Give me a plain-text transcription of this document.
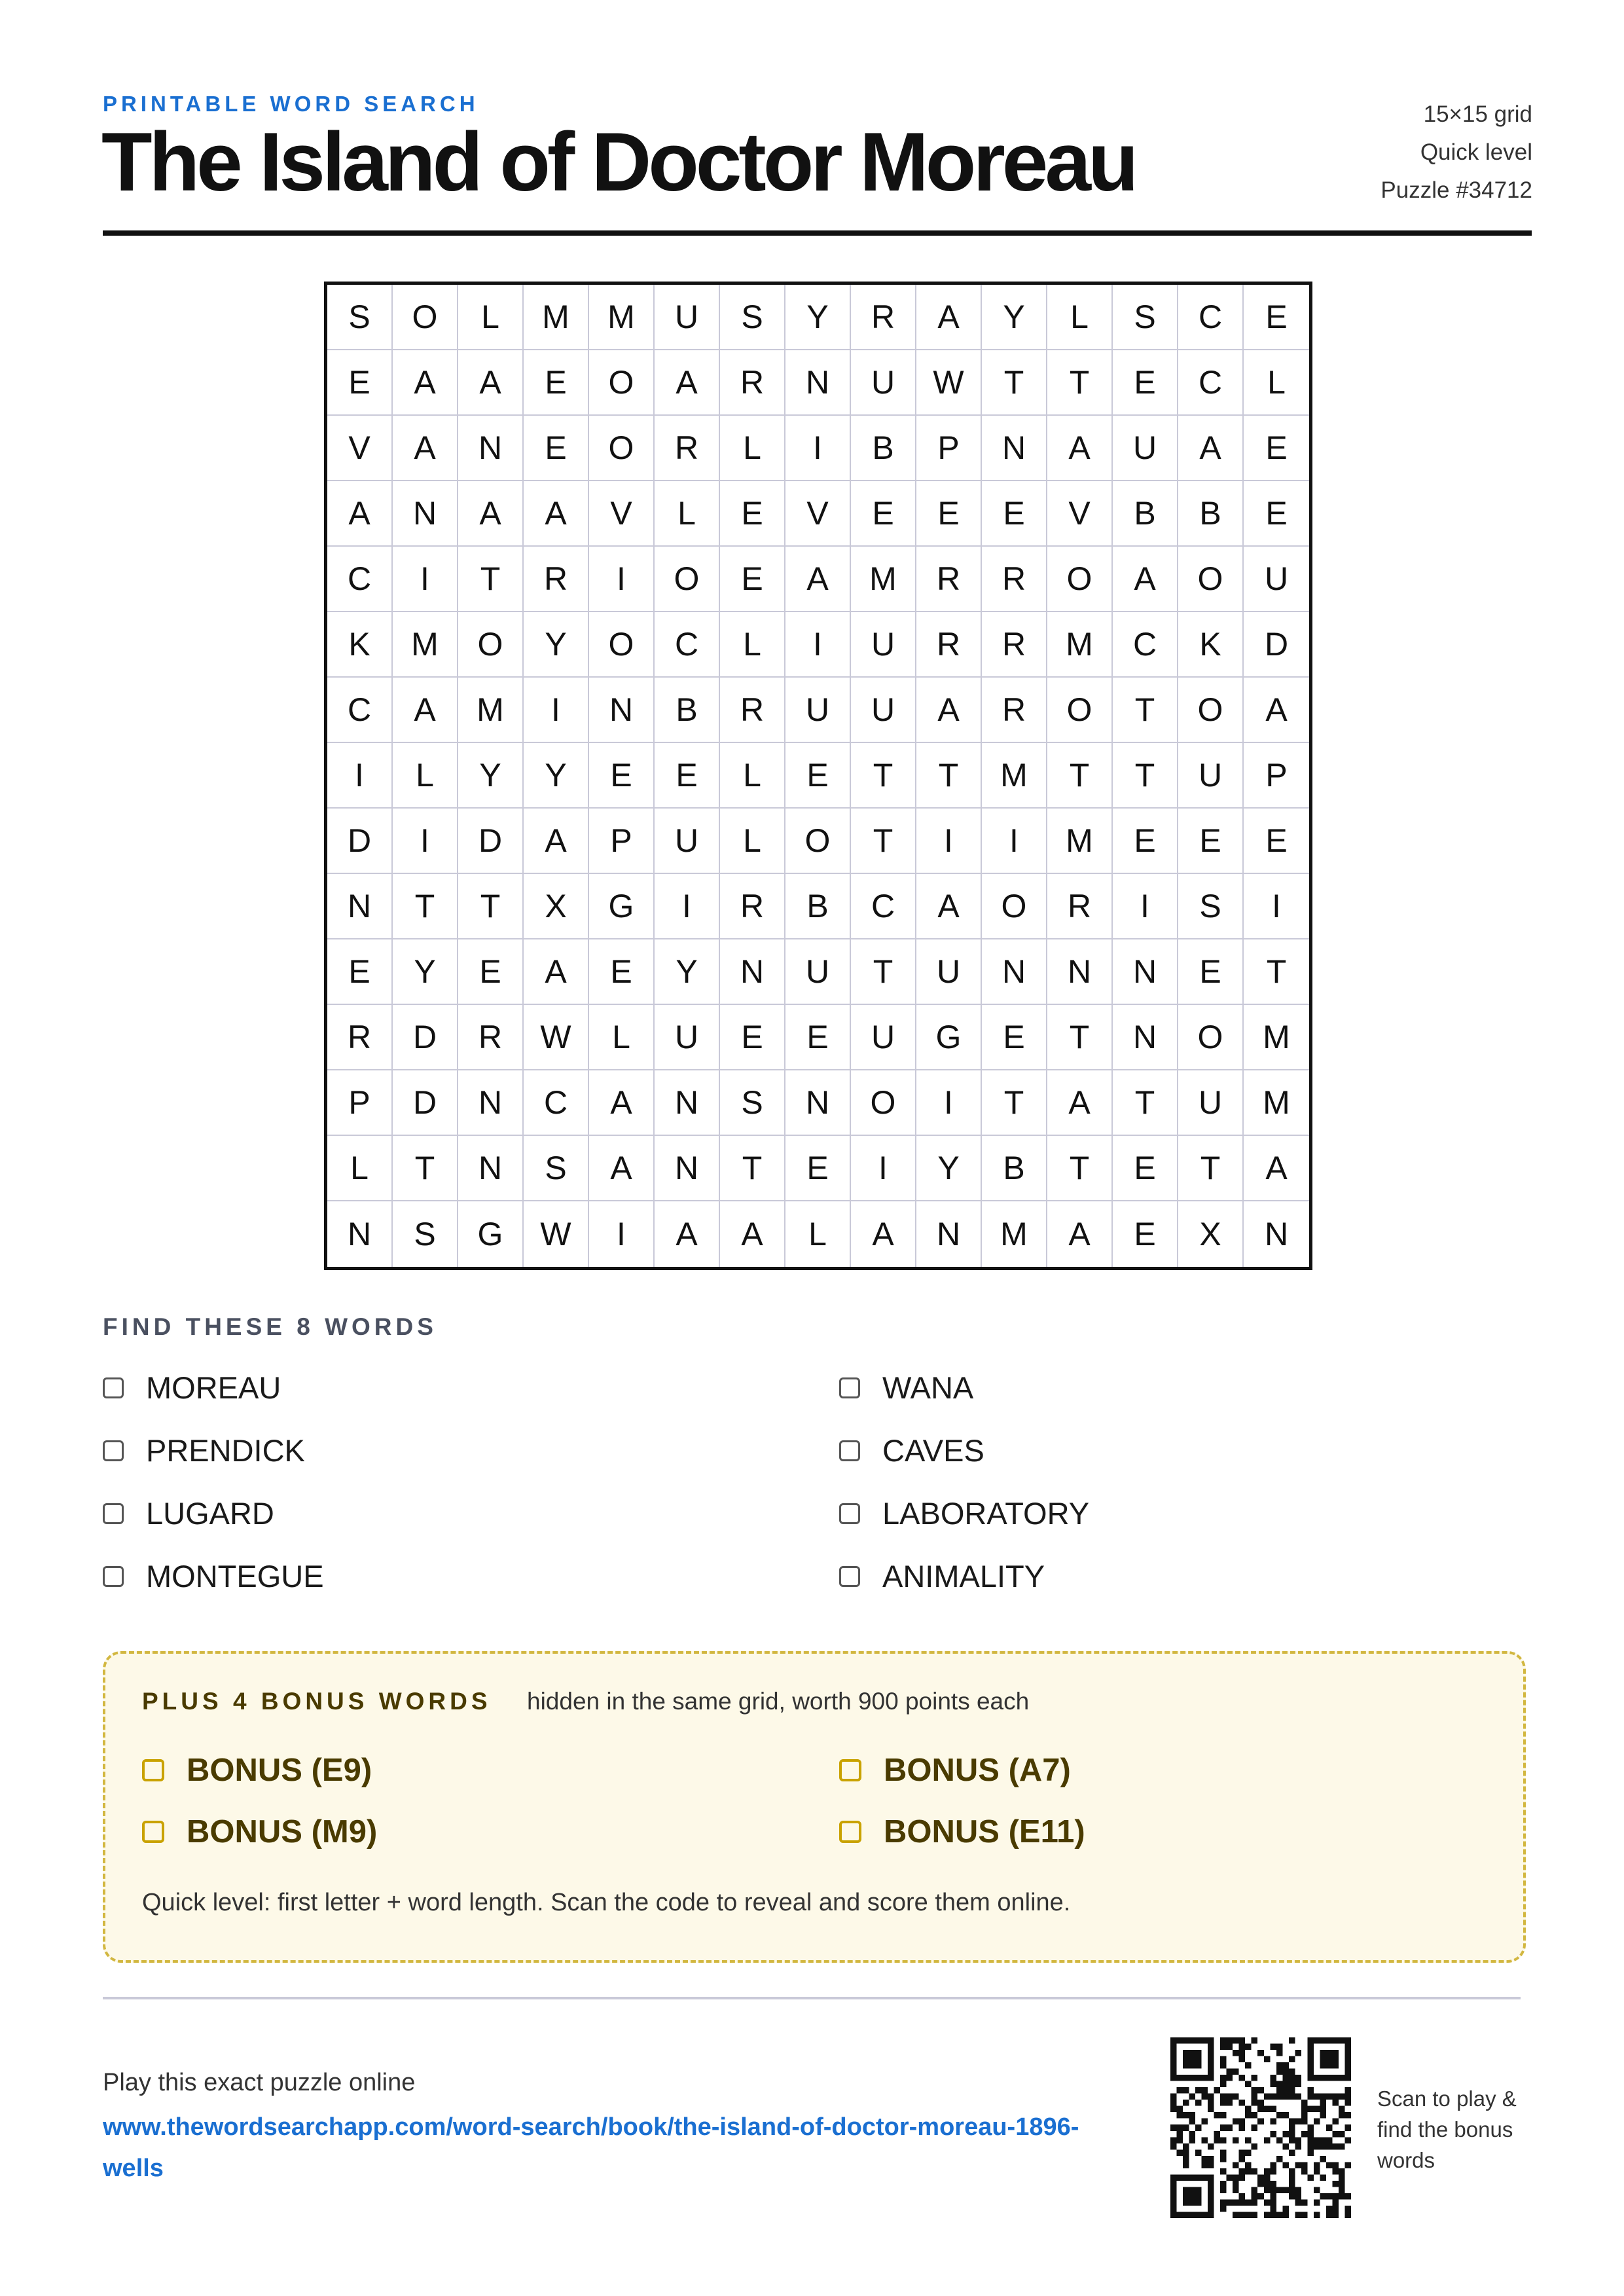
PRINTABLE WORD SEARCH
The Island of Doctor Moreau
15×15 grid
Quick level
Puzzle #34712
S	O	L	M	M	U	S	Y	R	A	Y	L	S	C	E
E	A	A	E	O	A	R	N	U	W	T	T	E	C	L
V	A	N	E	O	R	L	I	B	P	N	A	U	A	E
A	N	A	A	V	L	E	V	E	E	E	V	B	B	E
C	I	T	R	I	O	E	A	M	R	R	O	A	O	U
K	M	O	Y	O	C	L	I	U	R	R	M	C	K	D
C	A	M	I	N	B	R	U	U	A	R	O	T	O	A
I	L	Y	Y	E	E	L	E	T	T	M	T	T	U	P
D	I	D	A	P	U	L	O	T	I	I	M	E	E	E
N	T	T	X	G	I	R	B	C	A	O	R	I	S	I
E	Y	E	A	E	Y	N	U	T	U	N	N	N	E	T
R	D	R	W	L	U	E	E	U	G	E	T	N	O	M
P	D	N	C	A	N	S	N	O	I	T	A	T	U	M
L	T	N	S	A	N	T	E	I	Y	B	T	E	T	A
N	S	G	W	I	A	A	L	A	N	M	A	E	X	N
FIND THESE 8 WORDS
MOREAU
PRENDICK
LUGARD
MONTEGUE
WANA
CAVES
LABORATORY
ANIMALITY
PLUS 4 BONUS WORDS hidden in the same grid, worth 900 points each
BONUS (E9)
BONUS (M9)
BONUS (A7)
BONUS (E11)
Quick level: first letter + word length. Scan the code to reveal and score them online.
Play this exact puzzle online
www.thewordsearchapp.com/word-search/book/the-island-of-doctor-moreau-1896-wells
Scan to play & find the bonus words
